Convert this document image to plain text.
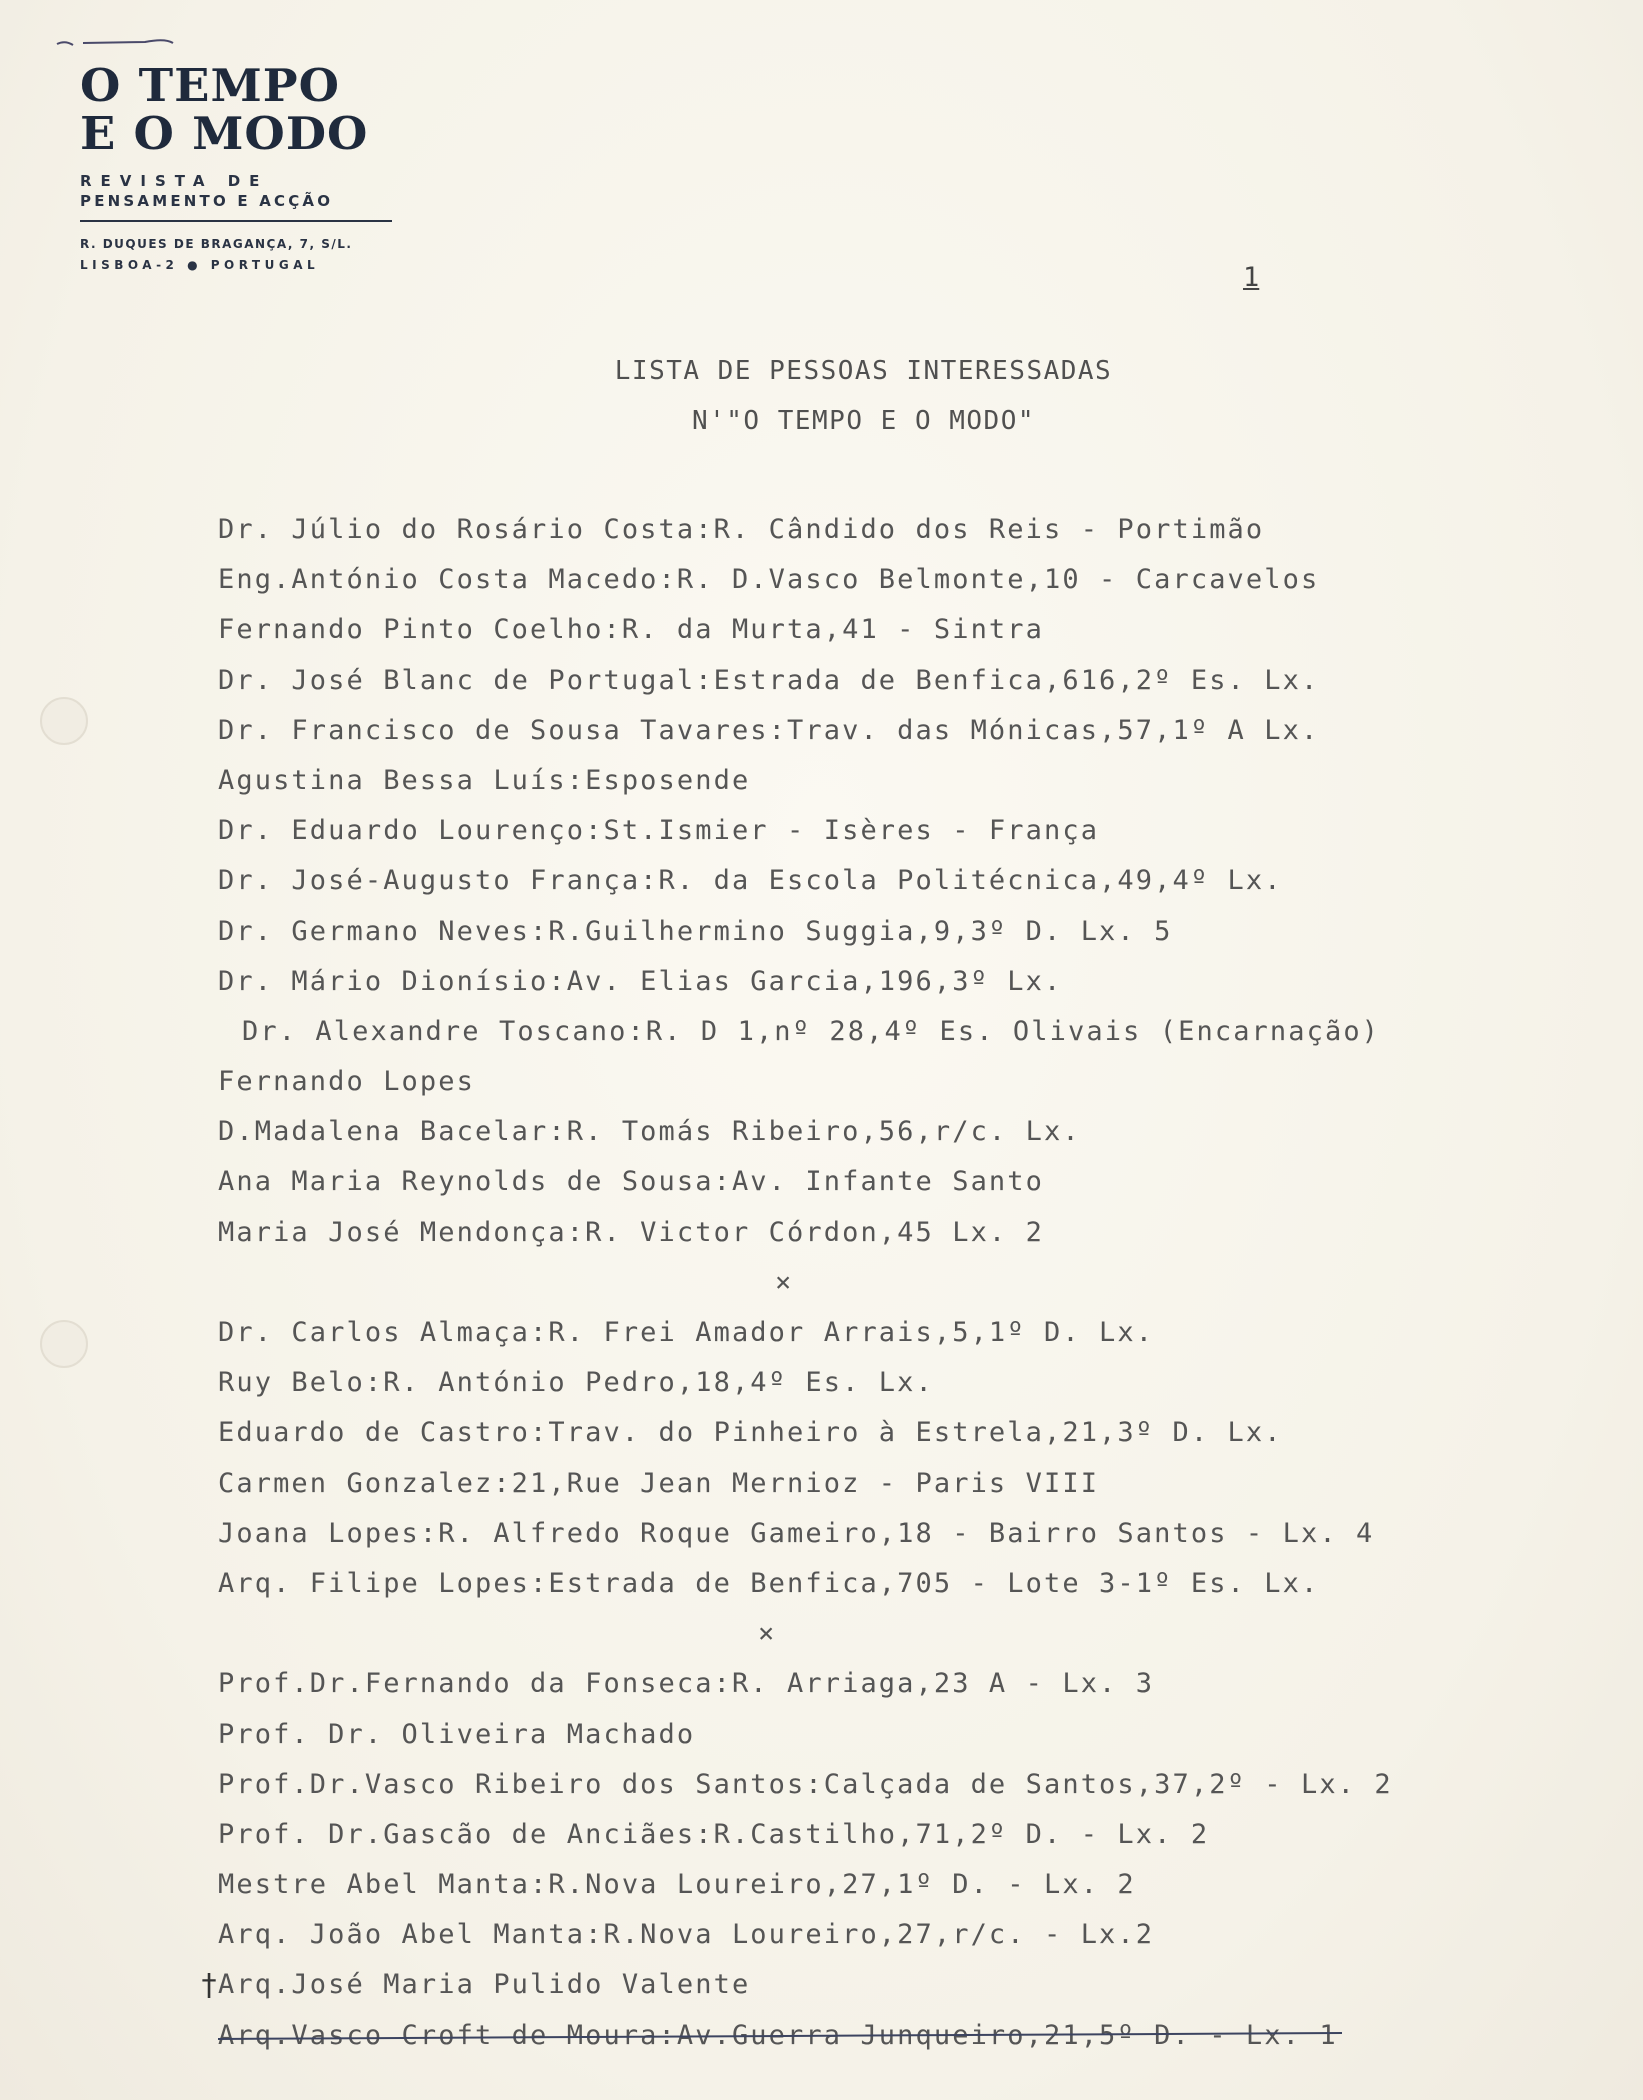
O TEMPO
E O MODO
REVISTA DE
PENSAMENTO E ACÇÃO
R. DUQUES DE BRAGANÇA, 7, S/L.
LISBOA-2 ● PORTUGAL	1
LISTA DE PESSOAS INTERESSADAS
N'"O TEMPO E O MODO"
Dr. Júlio do Rosário Costa:R. Cândido dos Reis - Portimão
Eng.António Costa Macedo:R. D.Vasco Belmonte,10 - Carcavelos
Fernando Pinto Coelho:R. da Murta,41 - Sintra
Dr. José Blanc de Portugal:Estrada de Benfica,616,2º Es. Lx.
Dr. Francisco de Sousa Tavares:Trav. das Mónicas,57,1º A Lx.
Agustina Bessa Luís:Esposende
Dr. Eduardo Lourenço:St.Ismier - Isères - França
Dr. José-Augusto França:R. da Escola Politécnica,49,4º Lx.
Dr. Germano Neves:R.Guilhermino Suggia,9,3º D. Lx. 5
Dr. Mário Dionísio:Av. Elias Garcia,196,3º Lx.
Dr. Alexandre Toscano:R. D 1,nº 28,4º Es. Olivais (Encarnação)
Fernando Lopes
D.Madalena Bacelar:R. Tomás Ribeiro,56,r/c. Lx.
Ana Maria Reynolds de Sousa:Av. Infante Santo
Maria José Mendonça:R. Victor Córdon,45 Lx. 2
×
Dr. Carlos Almaça:R. Frei Amador Arrais,5,1º D. Lx.
Ruy Belo:R. António Pedro,18,4º Es. Lx.
Eduardo de Castro:Trav. do Pinheiro à Estrela,21,3º D. Lx.
Carmen Gonzalez:21,Rue Jean Mernioz - Paris VIII
Joana Lopes:R. Alfredo Roque Gameiro,18 - Bairro Santos - Lx. 4
Arq. Filipe Lopes:Estrada de Benfica,705 - Lote 3-1º Es. Lx.
×
Prof.Dr.Fernando da Fonseca:R. Arriaga,23 A - Lx. 3
Prof. Dr. Oliveira Machado
Prof.Dr.Vasco Ribeiro dos Santos:Calçada de Santos,37,2º - Lx. 2
Prof. Dr.Gascão de Anciães:R.Castilho,71,2º D. - Lx. 2
Mestre Abel Manta:R.Nova Loureiro,27,1º D. - Lx. 2
Arq. João Abel Manta:R.Nova Loureiro,27,r/c. - Lx.2
Arq.José Maria Pulido Valente
Arq.Vasco Croft de Moura:Av.Guerra Junqueiro,21,5º D. - Lx. 1
†
